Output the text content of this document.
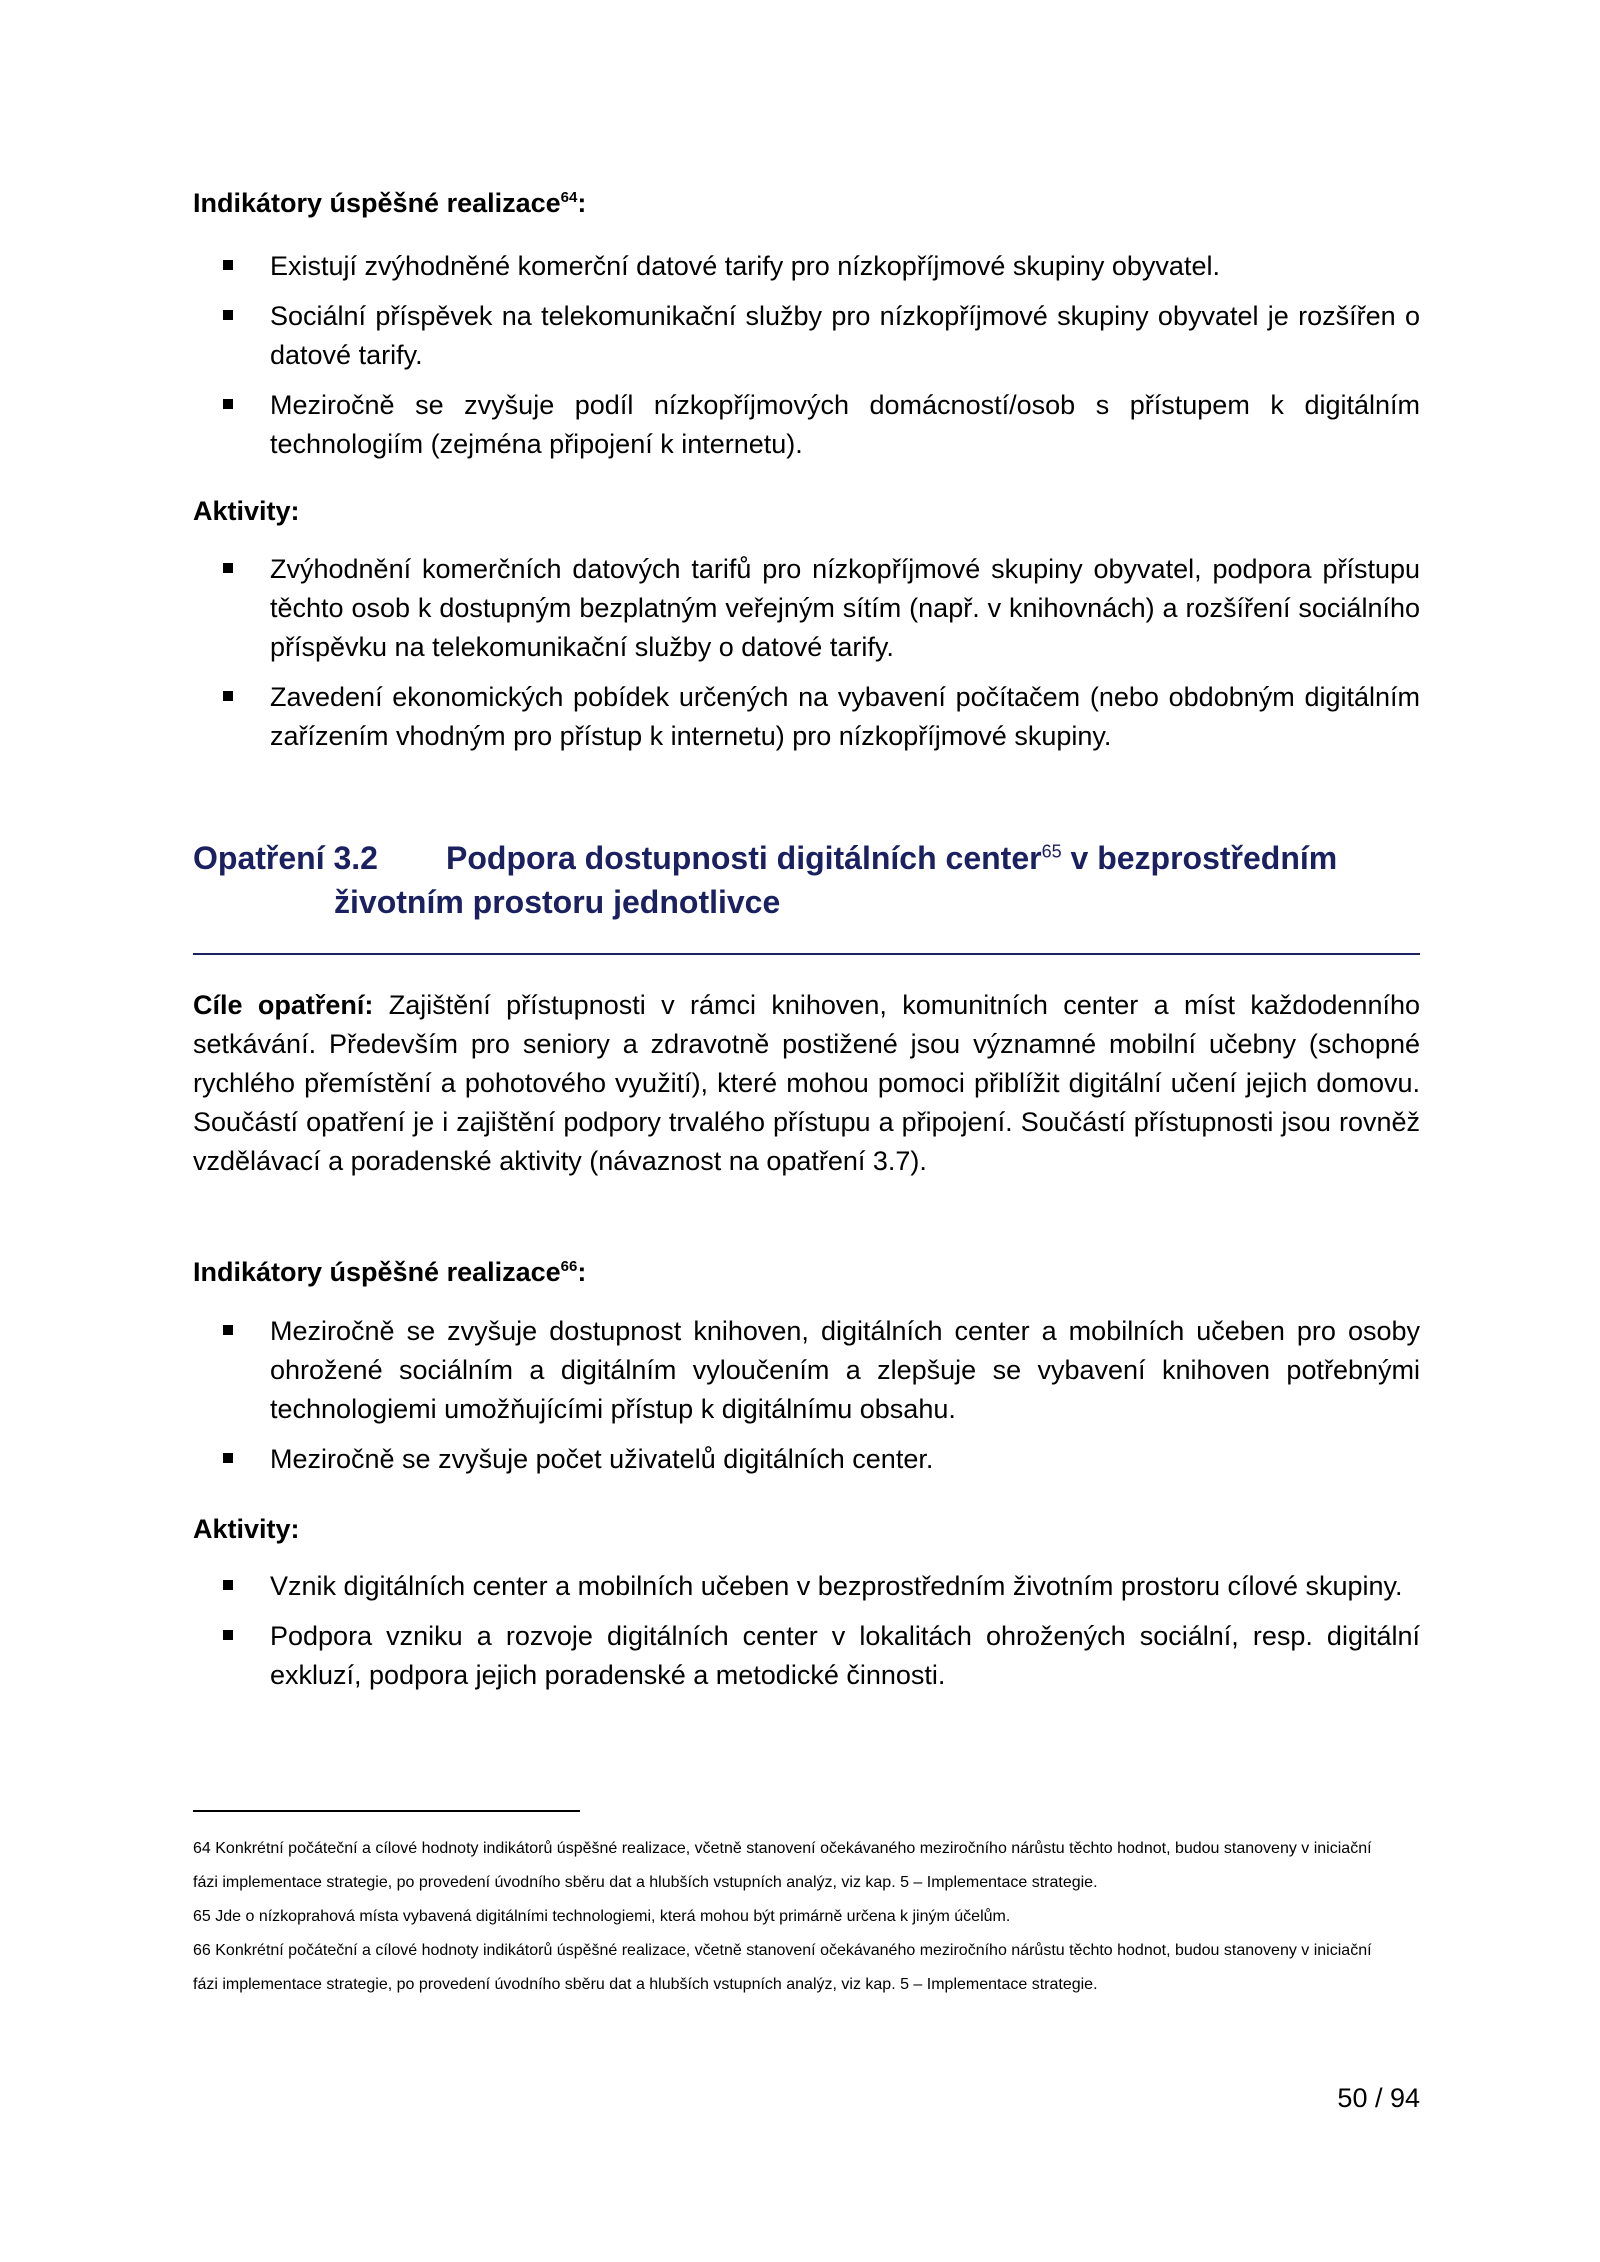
Indikátory úspěšné realizace$^{64}$:

Existují zvýhodněné komerční datové tarify pro nízkopříjmové skupiny obyvatel.
Sociální příspěvek na telekomunikační služby pro nízkopříjmové skupiny obyvatel je rozšířen o datové tarify.
Meziročně se zvyšuje podíl nízkopříjmových domácností/osob s přístupem k digitálním technologiím (zejména připojení k internetu).

Aktivity:

Zvýhodnění komerčních datových tarifů pro nízkopříjmové skupiny obyvatel, podpora přístupu těchto osob k dostupným bezplatným veřejným sítím (např. v knihovnách) a rozšíření sociálního příspěvku na telekomunikační služby o datové tarify.
Zavedení ekonomických pobídek určených na vybavení počítačem (nebo obdobným digitálním zařízením vhodným pro přístup k internetu) pro nízkopříjmové skupiny.
Opatření 3.2	Podpora dostupnosti digitálních center$^{65}$ v bezprostředním
životním prostoru jednotlivce

Cíle opatření: Zajištění přístupnosti v rámci knihoven, komunitních center a míst každodenního setkávání. Především pro seniory a zdravotně postižené jsou významné mobilní učebny (schopné rychlého přemístění a pohotového využití), které mohou pomoci přiblížit digitální učení jejich domovu. Součástí opatření je i zajištění podpory trvalého přístupu a připojení. Součástí přístupnosti jsou rovněž vzdělávací a poradenské aktivity (návaznost na opatření 3.7).

Indikátory úspěšné realizace$^{66}$:

Meziročně se zvyšuje dostupnost knihoven, digitálních center a mobilních učeben pro osoby ohrožené sociálním a digitálním vyloučením a zlepšuje se vybavení knihoven potřebnými technologiemi umožňujícími přístup k digitálnímu obsahu.
Meziročně se zvyšuje počet uživatelů digitálních center.

Aktivity:

Vznik digitálních center a mobilních učeben v bezprostředním životním prostoru cílové skupiny.
Podpora vzniku a rozvoje digitálních center v lokalitách ohrožených sociální, resp. digitální exkluzí, podpora jejich poradenské a metodické činnosti.

64 Konkrétní počáteční a cílové hodnoty indikátorů úspěšné realizace, včetně stanovení očekávaného meziročního nárůstu těchto hodnot, budou stanoveny v iniciační fázi implementace strategie, po provedení úvodního sběru dat a hlubších vstupních analýz, viz kap. 5 – Implementace strategie.

65 Jde o nízkoprahová místa vybavená digitálními technologiemi, která mohou být primárně určena k jiným účelům.

66 Konkrétní počáteční a cílové hodnoty indikátorů úspěšné realizace, včetně stanovení očekávaného meziročního nárůstu těchto hodnot, budou stanoveny v iniciační fázi implementace strategie, po provedení úvodního sběru dat a hlubších vstupních analýz, viz kap. 5 – Implementace strategie.

50 / 94
